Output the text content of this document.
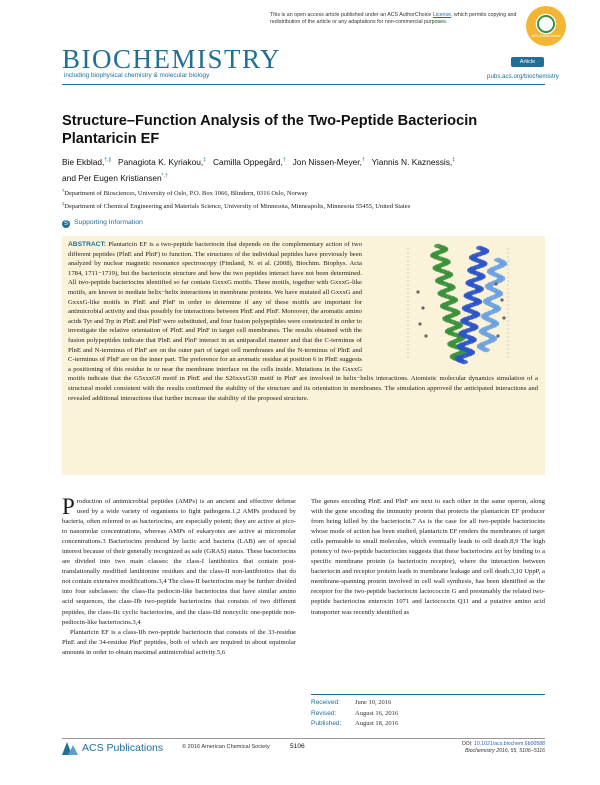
This is an open access article published under an ACS AuthorChoice License, which permits copying and redistribution of the article or any adaptations for non-commercial purposes.
ACS AuthorChoice
BIOCHEMISTRY
including biophysical chemistry & molecular biology
Article
pubs.acs.org/biochemistry
Structure–Function Analysis of the Two-Peptide Bacteriocin Plantaricin EF
Bie Ekblad,†,∥ Panagiota K. Kyriakou,‡ Camilla Oppegård,† Jon Nissen-Meyer,† Yiannis N. Kaznessis,‡
and Per Eugen Kristiansen*,†
†Department of Biosciences, University of Oslo, P.O. Box 1066, Blindern, 0316 Oslo, Norway
‡Department of Chemical Engineering and Materials Science, University of Minnesota, Minneapolis, Minnesota 55455, United States
S Supporting Information
ABSTRACT: Plantaricin EF is a two-peptide bacteriocin that depends on the complementary action of two different peptides (PlnE and PlnF) to function. The structures of the individual peptides have previously been analyzed by nuclear magnetic resonance spectroscopy (Fimland, N. et al. (2008), Biochim. Biophys. Acta 1784, 1711−1719), but the bacteriocin structure and how the two peptides interact have not been determined. All two-peptide bacteriocins identified so far contain GxxxG motifs. These motifs, together with GxxxG-like motifs, are known to mediate helix−helix interactions in membrane proteins. We have mutated all GxxxG and GxxxG-like motifs in PlnE and PlnF in order to determine if any of these motifs are important for antimicrobial activity and thus possibly for interactions between PlnE and PlnF. Moreover, the aromatic amino acids Tyr and Trp in PlnE and PlnF were substituted, and four fusion polypeptides were constructed in order to investigate the relative orientation of PlnE and PlnF in target cell membranes. The results obtained with the fusion polypeptides indicate that PlnE and PlnF interact in an antiparallel manner and that the C-terminus of PlnE and N-terminus of PlnF are on the outer part of target cell membranes and the N-terminus of PlnE and C-terminus of PlnF are on the inner part. The preference for an aromatic residue at position 6 in PlnE suggests a positioning of this residue in or near the membrane interface on the cells inside. Mutations in the GxxxG motifs indicate that the G5xxxG9 motif in PlnE and the S26xxxG30 motif in PlnF are involved in helix−helix interactions. Atomistic molecular dynamics simulation of a structural model consistent with the results confirmed the stability of the structure and its orientation in membranes. The simulation approved the anticipated interactions and revealed additional interactions that further increase the stability of the proposed structure.
P roduction of antimicrobial peptides (AMPs) is an ancient and effective defense used by a wide variety of organisms to fight pathogens.1,2 AMPs produced by bacteria, often referred to as bacteriocins, are especially potent; they are active at pico- to nanomolar concentrations, whereas AMPs of eukaryotes are active at micromolar concentrations.3 Bacteriocins produced by lactic acid bacteria (LAB) are of special interest because of their generally recognized as safe (GRAS) status. These bacteriocins are divided into two main classes: the class-I lantibiotics that contain post-translationally modified lanthionine residues and the class-II non-lantibiotics that do not contain extensive modifications.3,4 The class-II bacteriocins may be further divided into four subclasses: the class-IIa pediocin-like bacteriocins that have similar amino acid sequences, the class-IIb two-peptide bacteriocins that consists of two different peptides, the class-IIc cyclic bacteriocins, and the class-IId noncyclic one-peptide non-pediocin-like bacteriocins.3,4
Plantaricin EF is a class-IIb two-peptide bacteriocin that consists of the 33-residue PlnE and the 34-residue PlnF peptides, both of which are required in about equimolar amounts in order to obtain maximal antimicrobial activity.5,6
The genes encoding PlnE and PlnF are next to each other in the same operon, along with the gene encoding the immunity protein that protects the plantaricin EF producer from being killed by the bacteriocin.7 As is the case for all two-peptide bacteriocins whose mode of action has been studied, plantaricin EF renders the membranes of target cells permeable to small molecules, which eventually leads to cell death.8,9 The high potency of two-peptide bacteriocins suggests that these bacteriocins act by binding to a specific membrane protein (a bacteriocin receptor), where the interaction between bacteriocin and receptor protein leads to membrane leakage and cell death.3,10 UppP, a membrane-spanning protein involved in cell wall synthesis, has been identified as the receptor for the two-peptide bacteriocin lactococcin G and presumably the related two-peptide bacteriocins enterocin 1071 and lactococcin Q11 and a putative amino acid transporter was recently identified as
Received: June 10, 2016
Revised:	August 16, 2016
Published: August 18, 2016
ACS Publications	© 2016 American Chemical Society	5106	DOI: 10.1021/acs.biochem.6b00588
Biochemistry 2016, 55, 5106−5116
